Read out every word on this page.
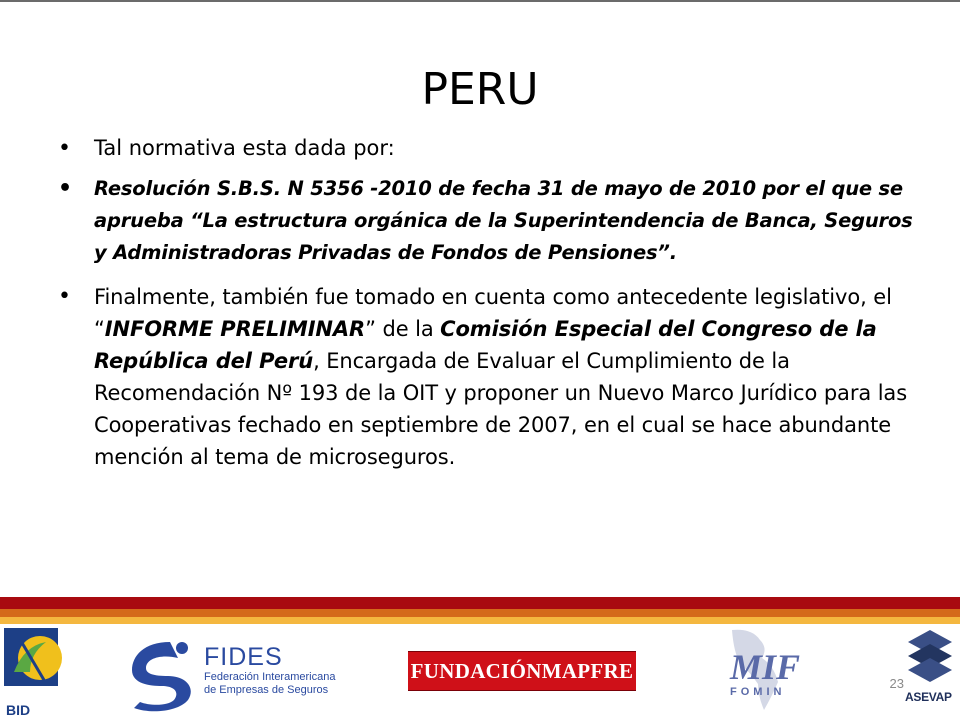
PERU
• Tal normativa esta dada por:
• Resolución S.B.S. N 5356 -2010 de fecha 31 de mayo de 2010 por el que se aprueba “La estructura orgánica de la Superintendencia de Banca, Seguros y Administradoras Privadas de Fondos de Pensiones”.
• Finalmente, también fue tomado en cuenta como antecedente legislativo, el “INFORME PRELIMINAR” de la Comisión Especial del Congreso de la República del Perú, Encargada de Evaluar el Cumplimiento de la Recomendación Nº 193 de la OIT y proponer un Nuevo Marco Jurídico para las Cooperativas fechado en septiembre de 2007, en el cual se hace abundante mención al tema de microseguros.
BID
FIDES
Federación Interamericana
de Empresas de Seguros
FUNDACIÓNMAPFRE	MIF
FOMIN
23
ASEVAP
